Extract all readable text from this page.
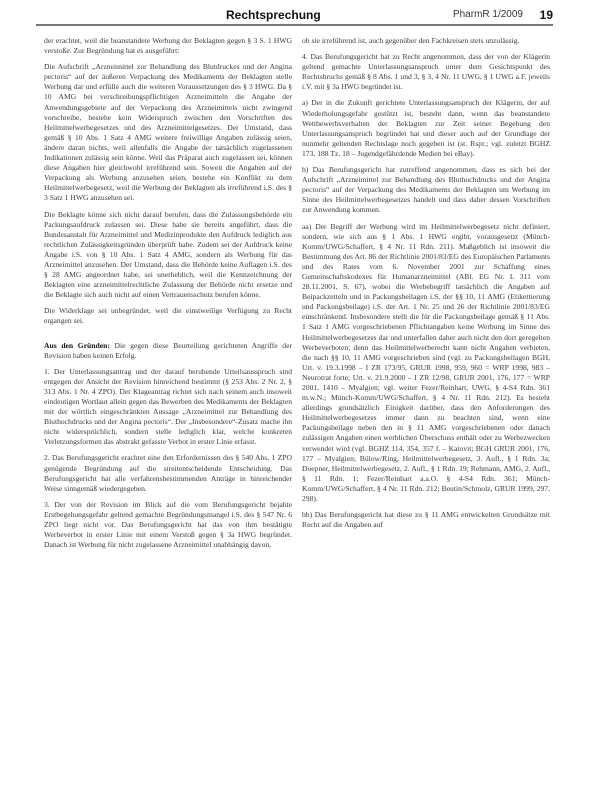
Rechtsprechung	PharmR 1/2009 19

der erachtet, weil die beanstandete Werbung der Beklagten gegen § 3 S. 1 HWG verstoße. Zur Begründung hat es ausgeführt:

Die Aufschrift „Arzneimittel zur Behandlung des Blutdruckes und der Angina pectoris“ auf der äußeren Verpackung des Medikaments der Beklagten stelle Werbung dar und erfülle auch die weiteren Voraussetzungen des § 3 HWG. Da § 10 AMG bei verschreibungspflichtigen Arzneimitteln die Angabe der Anwendungsgebiete auf der Verpackung des Arzneimittels nicht zwingend vorschreibe, bestehe kein Widerspruch zwischen den Vorschriften des Heilmittelwerbegesetzes und des Arzneimittelgesetzes. Der Umstand, dass gemäß § 10 Abs. 1 Satz 4 AMG weitere freiwillige Angaben zulässig seien, ändere daran nichts, weil allenfalls die Angabe der tatsächlich zugelassenen Indikationen zulässig sein könne. Weil das Präparat auch zugelassen sei, können diese Angaben hier gleichwohl irreführend sein. Soweit die Angaben auf der Verpackung als Werbung anzusehen seien, bestehe ein Konflikt zu dem Heilmittelwerbegesetz, weil die Werbung der Beklagten als irreführend i.S. des § 3 Satz 1 HWG anzusehen sei.

Die Beklagte könne sich nicht darauf berufen, dass die Zulassungsbehörde ein Packungsaufdruck zulassen sei. Diese habe sie bereits angeführt, dass die Bundesanstalt für Arzneimittel und Medizinprodukte den Aufdruck lediglich aus rechtlichen Zulässigkeitsgründen überprüft habe. Zudem sei der Aufdruck keine Angabe i.S. von § 10 Abs. 1 Satz 4 AMG, sondern als Werbung für das Arzneimittel anzusehen. Der Umstand, dass die Behörde keine Auflagen i.S. des § 28 AMG angeordnet habe, sei unerheblich, weil die Kennzeichnung der Beklagten eine arzneimittelrechtliche Zulassung der Behörde nicht ersetze und die Beklagte sich auch nicht auf einen Vertrauensschutz berufen könne.

Die Widerklage sei unbegründet, weil die einstweilige Verfügung zu Recht ergangen sei.

Aus den Gründen: Die gegen diese Beurteilung gerichteten Angriffe der Revision haben keinen Erfolg.

1. Der Unterlassungsantrag und der darauf beruhende Urteilsausspruch sind entgegen der Ansicht der Revision hinreichend bestimmt (§ 253 Abs. 2 Nr. 2, § 313 Abs. 1 Nr. 4 ZPO). Der Klageantrag richtet sich nach seinem auch insoweit eindeutigen Wortlaut allein gegen das Bewerben des Medikaments der Beklagten mit der wörtlich eingeschränkten Aussage „Arzneimittel zur Behandlung des Bluthochdrucks und der Angina pectoris“. Der „Insbesondere“-Zusatz mache ihn nicht widersprüchlich, sondern stelle lediglich klar, welche konkreten Verletzungsformen das abstrakt gefasste Verbot in erster Linie erfasst.

2. Das Berufungsgericht erachtet eine den Erfordernissen des § 540 Abs. 1 ZPO genügende Begründung auf die streitentscheidende Entscheidung. Das Berufungsgericht hat alle verfahrensbestimmenden Anträge in hinreichender Weise sinngemäß wiedergegeben.

3. Der von der Revision im Blick auf die vom Berufungsgericht bejahte Erstbegehungsgefahr geltend gemachte Begründungsmangel i.S. des § 547 Nr. 6 ZPO liegt nicht vor. Das Berufungsgericht hat das von ihm bestätigte Werbeverbot in erster Linie mit einem Verstoß gegen § 3a HWG begründet. Danach ist Werbung für nicht zugelassene Arzneimittel unabhängig davon,

ob sie irreführend ist, auch gegenüber den Fachkreisen stets unzulässig.

4. Das Berufungsgericht hat zu Recht angenommen, dass der von der Klägerin geltend gemachte Unterlassungsanspruch unter dem Gesichtspunkt des Rechtsbruchs gemäß § 8 Abs. 1 und 3, § 3, 4 Nr. 11 UWG, § 1 UWG a.F. jeweils i.V. mit § 3a HWG begründet ist.

a) Der in die Zukunft gerichtete Unterlassungsanspruch der Klägerin, der auf Wiederholungsgefahr gestützt ist, besteht dann, wenn das beanstandete Wettbewerbsverhalten der Beklagten zur Zeit seiner Begehung den Unterlassungsanspruch begründet hat und dieser auch auf der Grundlage der nunmehr geltenden Rechtslage noch gegeben ist (st. Rspr.; vgl. zuletzt BGHZ 173, 188 Tz. 18 – Jugendgefährdende Medien bei eBay).

b) Das Berufungsgericht hat zutreffend angenommen, dass es sich bei der Aufschrift „Arzneimittel zur Behandlung des Bluthochdrucks und der Angina pectoris“ auf der Verpackung des Medikaments der Beklagten um Werbung im Sinne des Heilmittelwerbegesetzes handelt und dass daher dessen Vorschriften zur Anwendung kommen.

aa) Der Begriff der Werbung wird im Heilmittelwerbegesetz nicht definiert, sondern, wie sich aus § 1 Abs. 1 HWG ergibt, vorausgesetzt (Münch-Komm/UWG/Schaffert, § 4 Nr. 11 Rdn. 211). Maßgeblich ist insoweit die Bestimmung des Art. 86 der Richtlinie 2001/83/EG des Europäischen Parlaments und des Rates vom 6. November 2001 zur Schaffung eines Gemeinschaftskodexes für Humanarzneimittel (ABl. EG Nr. L 311 vom 28.11.2001, S. 67), wobei die Werbebegriff tatsächlich die Angaben auf Beipackzetteln und in Packungsbeilagen i.S. der §§ 10, 11 AMG (Etikettierung und Packungsbeilage) i.S. der Art. 1 Nr. 25 und 26 der Richtlinie 2001/83/EG einschränkend. Insbesondere stellt die für die Packungsbeilage gemäß § 11 Abs. 1 Satz 1 AMG vorgeschriebenen Pflichtangaben keine Werbung im Sinne des Heilmittelwerbegesetzes dar und unterfallen daher auch nicht den dort geregelten Werbeverboten; denn das Heilmittelwerberecht kann nicht Angaben verbieten, die nach §§ 10, 11 AMG vorgeschrieben sind (vgl. zu Packungsbeilagen BGH, Urt. v. 19.3.1998 – I ZR 173/95, GRUR 1998, 959, 960 = WRP 1998, 983 – Neurotrat forte; Urt. v. 21.9.2000 – I ZR 12/98, GRUR 2001, 176, 177 = WRP 2001, 1410 – Myalgien; vgl. weiter Fezer/Reinhart, UWG, § 4-S4 Rdn. 361 m.w.N.; Münch-Komm/UWG/Schaffert, § 4 Nr. 11 Rdn. 212). Es besteht allerdings grundsätzlich Einigkeit darüber, dass den Anforderungen des Heilmittelwerbegesetzes immer dann zu beachten sind, wenn eine Packungsbeilage neben den in § 11 AMG vorgeschriebenen oder danach zulässigen Angaben einen werblichen Überschuss enthält oder zu Werbezwecken verwendet wird (vgl. BGHZ 114, 354, 357 f. – Katovit; BGH GRUR 2001, 176, 177 – Myalgien; Bülow/Ring, Heilmittelwerbegesetz, 3. Aufl., § 1 Rdn. 3a; Doepner, Heilmittelwerbegesetz, 2. Aufl., § 1 Rdn. 19; Rehmann, AMG, 2. Aufl., § 11 Rdn. 1; Fezer/Reinhart a.a.O. § 4-S4 Rdn. 361; Münch-Komm/UWG/Schaffert, § 4 Nr. 11 Rdn. 212; Beutin/Schmolz, GRUR 1999, 297, 298).

bb) Das Berufungsgericht hat diese zu § 11 AMG entwickelten Grundsätze mit Recht auf die Angaben auf
